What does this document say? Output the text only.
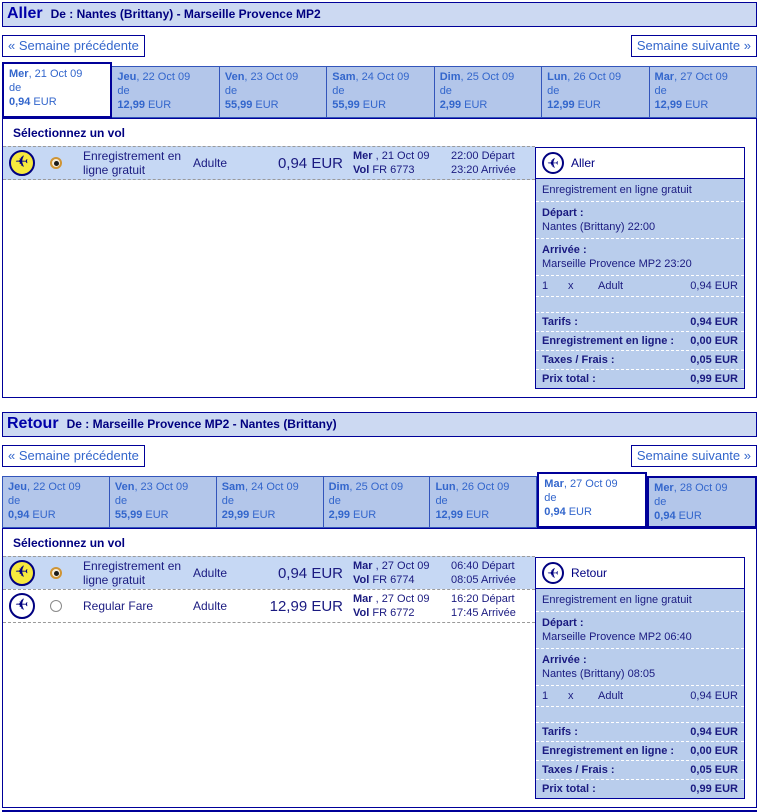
Aller De : Nantes (Brittany) - Marseille Provence MP2
« Semaine précédente	Semaine suivante »
Mer, 21 Oct 09
de
0,94 EUR
Jeu, 22 Oct 09
de
12,99 EUR
Ven, 23 Oct 09
de
55,99 EUR
Sam, 24 Oct 09
de
55,99 EUR
Dim, 25 Oct 09
de
2,99 EUR
Lun, 26 Oct 09
de
12,99 EUR
Mar, 27 Oct 09
de
12,99 EUR
Sélectionnez un vol
✈	Enregistrement en ligne gratuit	Adulte	0,94 EUR Mer , 21 Oct 09
Vol FR 6773
22:00 Départ
23:20 Arrivée	✈ Aller
Enregistrement en ligne gratuit
Départ :
Nantes (Brittany) 22:00
Arrivée :
Marseille Provence MP2 23:20
1	x	Adult	0,94 EUR
Tarifs :	0,94 EUR
Enregistrement en ligne : 0,00 EUR
Taxes / Frais :	0,05 EUR
Prix total :	0,99 EUR
Retour De : Marseille Provence MP2 - Nantes (Brittany)
« Semaine précédente	Semaine suivante »
Jeu, 22 Oct 09
de
0,94 EUR
Ven, 23 Oct 09
de
55,99 EUR
Sam, 24 Oct 09
de
29,99 EUR
Dim, 25 Oct 09
de
2,99 EUR
Lun, 26 Oct 09
de
12,99 EUR
Mar, 27 Oct 09
de
0,94 EUR
Mer, 28 Oct 09
de
0,94 EUR
Sélectionnez un vol
✈	Enregistrement en ligne gratuit	Adulte	0,94 EUR Mar , 27 Oct 09
Vol FR 6774
06:40 Départ
08:05 Arrivée
✈	Regular Fare	Adulte	12,99 EUR Mar , 27 Oct 09
Vol FR 6772
16:20 Départ
17:45 Arrivée
✈ Retour
Enregistrement en ligne gratuit
Départ :
Marseille Provence MP2 06:40
Arrivée :
Nantes (Brittany) 08:05
1	x	Adult	0,94 EUR
Tarifs :	0,94 EUR
Enregistrement en ligne : 0,00 EUR
Taxes / Frais :	0,05 EUR
Prix total :	0,99 EUR
